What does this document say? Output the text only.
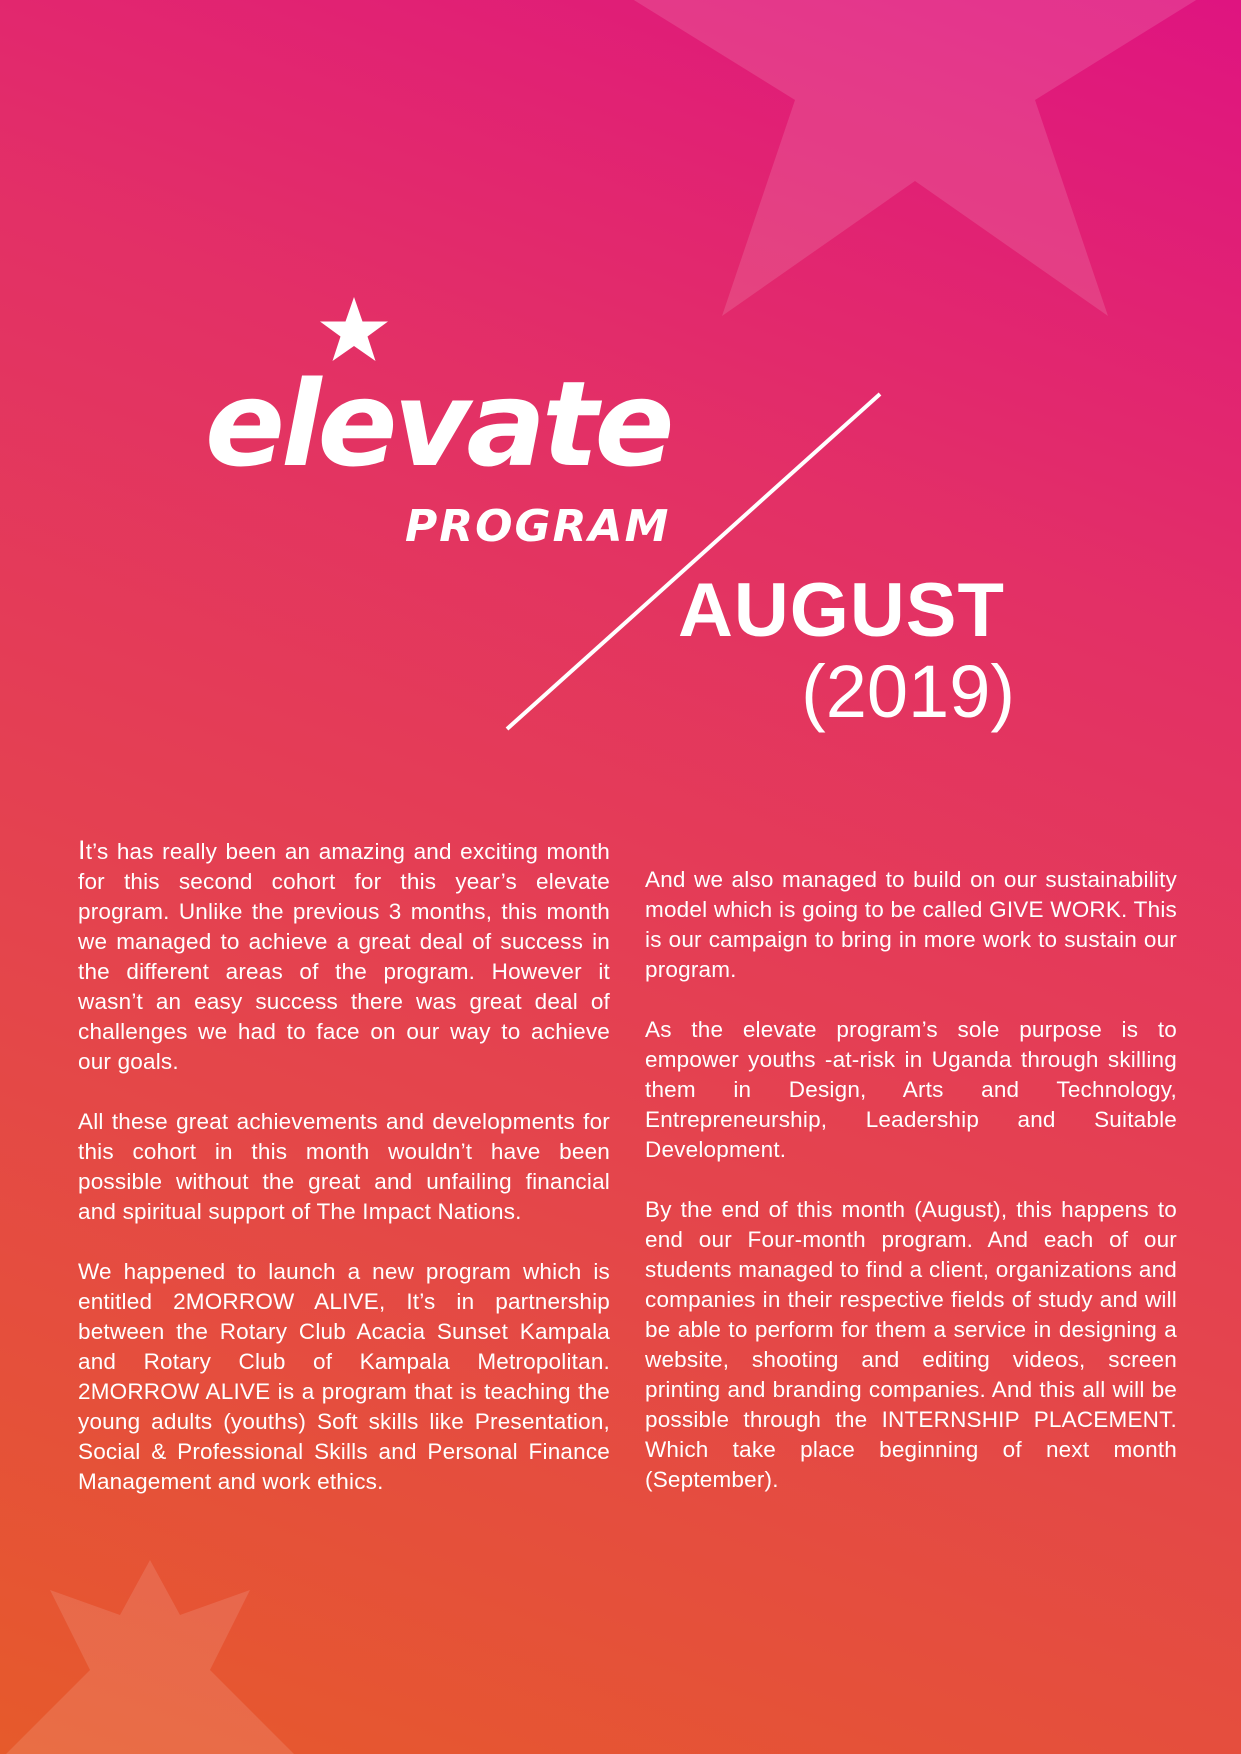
elevate
PROGRAM
AUGUST
(2019)

It’s has really been an amazing and exciting month for this second cohort for this year’s elevate program. Unlike the previous 3 months, this month we managed to achieve a great deal of success in the different areas of the program. However it wasn’t an easy success there was great deal of challenges we had to face on our way to achieve our goals.

All these great achievements and developments for this cohort in this month wouldn’t have been possible without the great and unfailing financial and spiritual support of The Impact Nations.

We happened to launch a new program which is entitled 2MORROW ALIVE, It’s in partnership between the Rotary Club Acacia Sunset Kampala and Rotary Club of Kampala Metropolitan. 2MORROW ALIVE is a program that is teaching the young adults (youths) Soft skills like Presentation, Social & Professional Skills and Personal Finance Management and work ethics.

And we also managed to build on our sustainability model which is going to be called GIVE WORK. This is our campaign to bring in more work to sustain our program.

As the elevate program’s sole purpose is to empower youths -at-risk in Uganda through skilling them in Design, Arts and Technology, Entrepreneurship, Leadership and Suitable Development.

By the end of this month (August), this happens to end our Four-month program. And each of our students managed to find a client, organizations and companies in their respective fields of study and will be able to perform for them a service in designing a website, shooting and editing videos, screen printing and branding companies. And this all will be possible through the INTERNSHIP PLACEMENT. Which take place beginning of next month (September).
